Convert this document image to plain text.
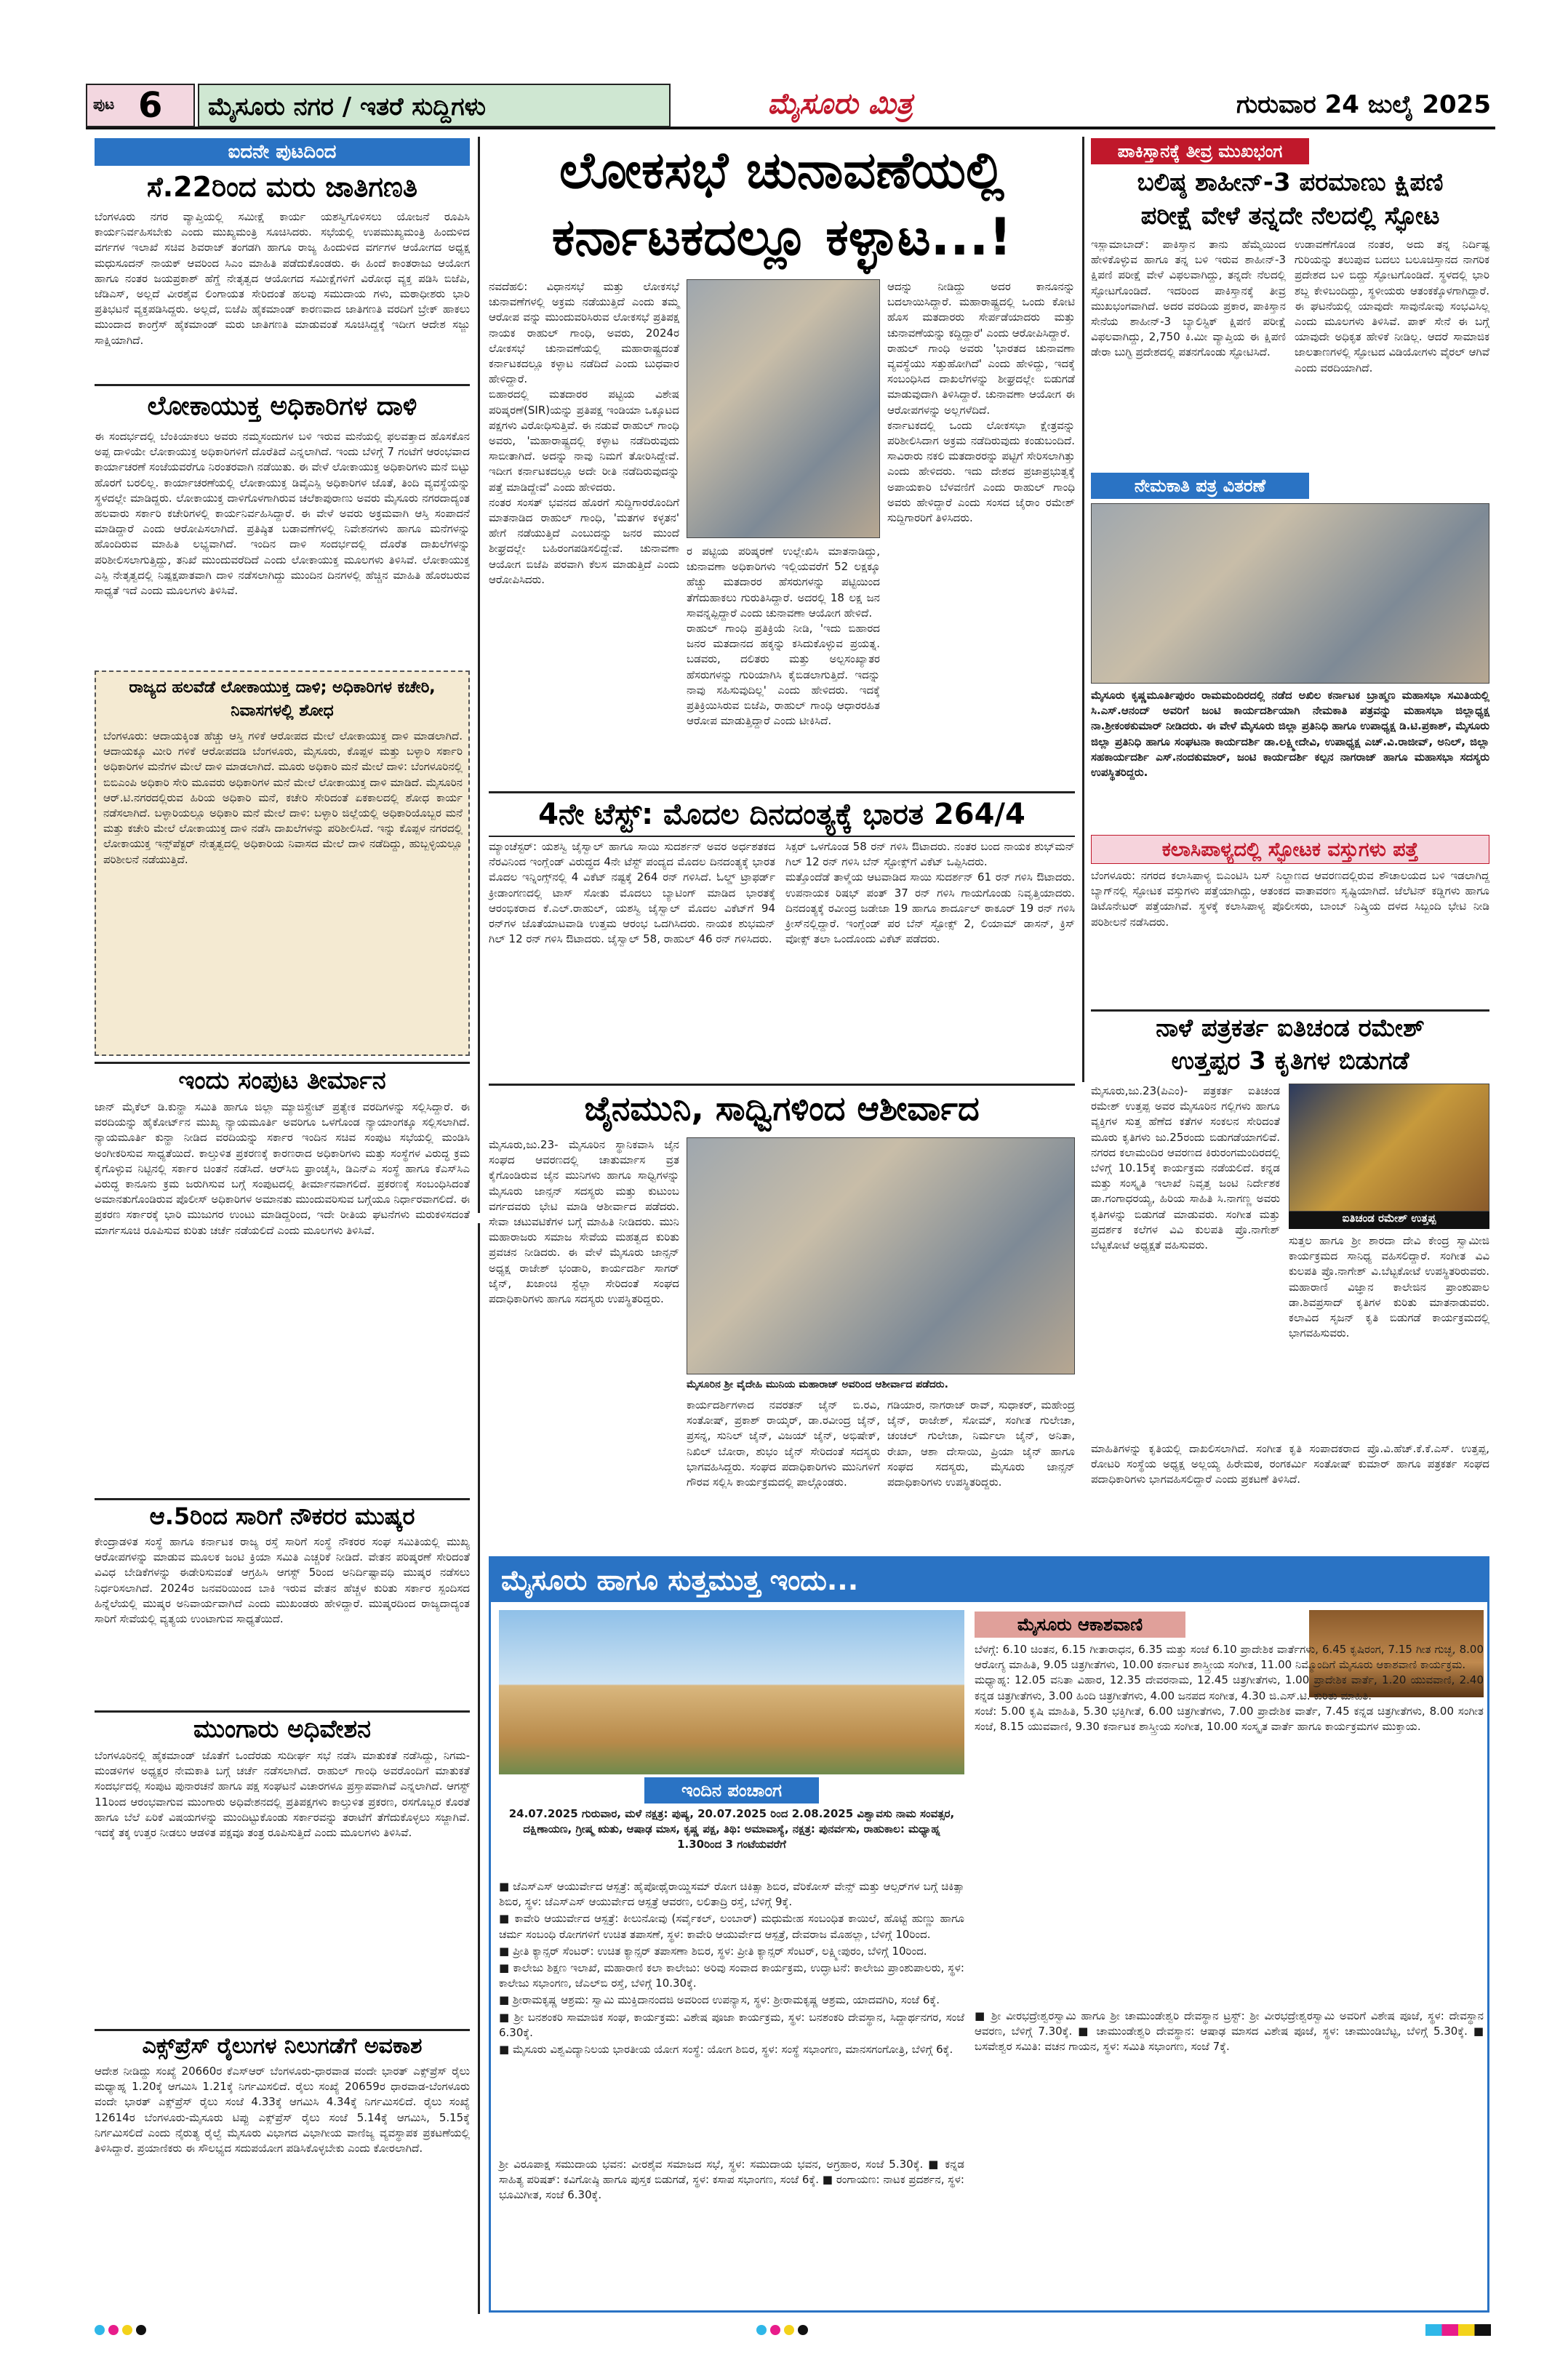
ಪುಟ 6 ಮೈಸೂರು ನಗರ / ಇತರೆ ಸುದ್ದಿಗಳು	ಮೈಸೂರು ಮಿತ್ರ	ಗುರುವಾರ 24 ಜುಲೈ 2025
ಐದನೇ ಪುಟದಿಂದ
ಸೆ.22ರಿಂದ ಮರು ಜಾತಿಗಣತಿ
ಬೆಂಗಳೂರು ನಗರ ವ್ಯಾಪ್ತಿಯಲ್ಲಿ ಸಮೀಕ್ಷೆ ಕಾರ್ಯ ಯಶಸ್ವಿಗೊಳಿಸಲು ಯೋಜನೆ ರೂಪಿಸಿ ಕಾರ್ಯನಿರ್ವಹಿಸಬೇಕು ಎಂದು ಮುಖ್ಯಮಂತ್ರಿ ಸೂಚಿಸಿದರು. ಸಭೆಯಲ್ಲಿ ಉಪಮುಖ್ಯಮಂತ್ರಿ ಹಿಂದುಳಿದ ವರ್ಗಗಳ ಇಲಾಖೆ ಸಚಿವ ಶಿವರಾಜ್ ತಂಗಡಗಿ ಹಾಗೂ ರಾಜ್ಯ ಹಿಂದುಳಿದ ವರ್ಗಗಳ ಆಯೋಗದ ಅಧ್ಯಕ್ಷ ಮಧುಸೂದನ್ ನಾಯಕ್ ಆವರಿಂದ ಸಿಎಂ ಮಾಹಿತಿ ಪಡೆದುಕೊಂಡರು. ಈ ಹಿಂದೆ ಕಾಂತರಾಜು ಆಯೋಗ ಹಾಗೂ ನಂತರ ಜಯಪ್ರಕಾಶ್ ಹೆಗ್ಡೆ ನೇತೃತ್ವದ ಆಯೋಗದ ಸಮೀಕ್ಷೆಗಳಿಗೆ ವಿರೋಧ ವ್ಯಕ್ತ ಪಡಿಸಿ ಬಿಜೆಪಿ, ಜೆಡಿಎಸ್, ಅಲ್ಲದೆ ವೀರಶೈವ ಲಿಂಗಾಯತ ಸೇರಿದಂತೆ ಹಲವು ಸಮುದಾಯ ಗಳು, ಮಠಾಧೀಶರು ಭಾರಿ ಪ್ರತಿಭಟನೆ ವ್ಯಕ್ತಪಡಿಸಿದ್ದರು. ಅಲ್ಲದೆ, ಬಿಜೆಪಿ ಹೈಕಮಾಂಡ್ ಕಾರಣವಾದ ಜಾತಿಗಣತಿ ವರದಿಗೆ ಬ್ರೇಕ್ ಹಾಕಲು ಮುಂದಾದ ಕಾಂಗ್ರೆಸ್ ಹೈಕಮಾಂಡ್ ಮರು ಜಾತಿಗಣತಿ ಮಾಡುವಂತೆ ಸೂಚಿಸಿದ್ದಕ್ಕೆ ಇದೀಗ ಆದೇಶ ಸಜ್ಜು ಸಾಕ್ಷಿಯಾಗಿದೆ.
ಲೋಕಾಯುಕ್ತ ಅಧಿಕಾರಿಗಳ ದಾಳಿ
ಈ ಸಂದರ್ಭದಲ್ಲಿ ಬೆಂಕಿಯಾಕಲು ಅವರು ನಮ್ಮಸಂದುಗಳ ಬಳಿ ಇರುವ ಮನೆಯಲ್ಲಿ ಫಲವತ್ತಾದ ಹೊಸಕೊನ ಅಪ್ಪ ದಾಳಿಯೇ ಲೋಕಾಯುಕ್ತ ಅಧಿಕಾರಿಗಳಿಗೆ ದೊರೆತಿದೆ ಎನ್ನಲಾಗಿದೆ. ಇಂದು ಬೆಳಿಗ್ಗೆ 7 ಗಂಟೆಗೆ ಆರಂಭವಾದ ಕಾರ್ಯಾಚರಣೆ ಸಂಜೆಯವರೆಗೂ ನಿರಂತರವಾಗಿ ನಡೆಯಿತು. ಈ ವೇಳೆ ಲೋಕಾಯುಕ್ತ ಅಧಿಕಾರಿಗಳು ಮನೆ ಬಿಟ್ಟು ಹೊರಗೆ ಬರಲಿಲ್ಲ. ಕಾರ್ಯಾಚರಣೆಯಲ್ಲಿ ಲೋಕಾಯುಕ್ತ ಡಿವೈಎಸ್ಪಿ ಅಧಿಕಾರಿಗಳ ಜೊತೆ, ತಿಂದಿ ವ್ಯವಸ್ಥೆಯನ್ನು ಸ್ಥಳದಲ್ಲೇ ಮಾಡಿದ್ದರು. ಲೋಕಾಯುಕ್ತ ದಾಳಿಗೊಳಗಾಗಿರುವ ಚಲೆಕಾಪುರಾಣು ಅವರು ಮೈಸೂರು ನಗರದಾದ್ಯಂತ ಹಲವಾರು ಸರ್ಕಾರಿ ಕಚೇರಿಗಳಲ್ಲಿ ಕಾರ್ಯನಿರ್ವಹಿಸಿದ್ದಾರೆ. ಈ ವೇಳೆ ಅವರು ಅಕ್ರಮವಾಗಿ ಆಸ್ತಿ ಸಂಪಾದನೆ ಮಾಡಿದ್ದಾರೆ ಎಂದು ಆರೋಪಿಸಲಾಗಿದೆ. ಪ್ರತಿಷ್ಠಿತ ಬಡಾವಣೆಗಳಲ್ಲಿ ನಿವೇಶನಗಳು ಹಾಗೂ ಮನೆಗಳನ್ನು ಹೊಂದಿರುವ ಮಾಹಿತಿ ಲಭ್ಯವಾಗಿದೆ. ಇಂದಿನ ದಾಳಿ ಸಂದರ್ಭದಲ್ಲಿ ದೊರೆತ ದಾಖಲೆಗಳನ್ನು ಪರಿಶೀಲಿಸಲಾಗುತ್ತಿದ್ದು, ತನಿಖೆ ಮುಂದುವರೆದಿದೆ ಎಂದು ಲೋಕಾಯುಕ್ತ ಮೂಲಗಳು ತಿಳಿಸಿವೆ. ಲೋಕಾಯುಕ್ತ ಎಸ್ಪಿ ನೇತೃತ್ವದಲ್ಲಿ ನಿಷ್ಪಕ್ಷಪಾತವಾಗಿ ದಾಳಿ ನಡೆಸಲಾಗಿದ್ದು ಮುಂದಿನ ದಿನಗಳಲ್ಲಿ ಹೆಚ್ಚಿನ ಮಾಹಿತಿ ಹೊರಬರುವ ಸಾಧ್ಯತೆ ಇದೆ ಎಂದು ಮೂಲಗಳು ತಿಳಿಸಿವೆ.
ರಾಜ್ಯದ ಹಲವೆಡೆ ಲೋಕಾಯುಕ್ತ ದಾಳಿ; ಅಧಿಕಾರಿಗಳ ಕಚೇರಿ, ನಿವಾಸಗಳಲ್ಲಿ ಶೋಧ
ಬೆಂಗಳೂರು: ಆದಾಯಕ್ಕಿಂತ ಹೆಚ್ಚು ಆಸ್ತಿ ಗಳಿಕೆ ಆರೋಪದ ಮೇಲೆ ಲೋಕಾಯುಕ್ತ ದಾಳಿ ಮಾಡಲಾಗಿದೆ. ಆದಾಯಕ್ಕೂ ಮೀರಿ ಗಳಿಕೆ ಆರೋಪದಡಿ ಬೆಂಗಳೂರು, ಮೈಸೂರು, ಕೊಪ್ಪಳ ಮತ್ತು ಬಳ್ಳಾರಿ ಸರ್ಕಾರಿ ಅಧಿಕಾರಿಗಳ ಮನೆಗಳ ಮೇಲೆ ದಾಳಿ ಮಾಡಲಾಗಿದೆ. ಮೂರು ಅಧಿಕಾರಿ ಮನೆ ಮೇಲೆ ದಾಳಿ: ಬೆಂಗಳೂರಿನಲ್ಲಿ ಬಿಬಿಎಂಪಿ ಅಧಿಕಾರಿ ಸೇರಿ ಮೂವರು ಅಧಿಕಾರಿಗಳ ಮನೆ ಮೇಲೆ ಲೋಕಾಯುಕ್ತ ದಾಳಿ ಮಾಡಿದೆ. ಮೈಸೂರಿನ ಆರ್.ಟಿ.ನಗರದಲ್ಲಿರುವ ಹಿರಿಯ ಅಧಿಕಾರಿ ಮನೆ, ಕಚೇರಿ ಸೇರಿದಂತೆ ಏಕಕಾಲದಲ್ಲಿ ಶೋಧ ಕಾರ್ಯ ನಡೆಸಲಾಗಿದೆ. ಬಳ್ಳಾರಿಯಲ್ಲೂ ಅಧಿಕಾರಿ ಮನೆ ಮೇಲೆ ದಾಳಿ: ಬಳ್ಳಾರಿ ಜಿಲ್ಲೆಯಲ್ಲಿ ಅಧಿಕಾರಿಯೊಬ್ಬರ ಮನೆ ಮತ್ತು ಕಚೇರಿ ಮೇಲೆ ಲೋಕಾಯುಕ್ತ ದಾಳಿ ನಡೆಸಿ ದಾಖಲೆಗಳನ್ನು ಪರಿಶೀಲಿಸಿದೆ. ಇನ್ನು ಕೊಪ್ಪಳ ನಗರದಲ್ಲಿ ಲೋಕಾಯುಕ್ತ ಇನ್ಸ್‌ಪೆಕ್ಟರ್ ನೇತೃತ್ವದಲ್ಲಿ ಅಧಿಕಾರಿಯ ನಿವಾಸದ ಮೇಲೆ ದಾಳಿ ನಡೆದಿದ್ದು, ಹುಬ್ಬಳ್ಳಿಯಲ್ಲೂ ಪರಿಶೀಲನೆ ನಡೆಯುತ್ತಿದೆ.
ಇಂದು ಸಂಪುಟ ತೀರ್ಮಾನ
ಜಾನ್ ಮೈಕೆಲ್ ಡಿ.ಕುನ್ಹಾ ಸಮಿತಿ ಹಾಗೂ ಜಿಲ್ಲಾ ಮ್ಯಾಜಿಸ್ಟ್ರೇಟ್ ಪ್ರತ್ಯೇಕ ವರದಿಗಳನ್ನು ಸಲ್ಲಿಸಿದ್ದಾರೆ. ಈ ವರದಿಯನ್ನು ಹೈಕೋರ್ಟ್‌ನ ಮುಖ್ಯ ನ್ಯಾಯಮೂರ್ತಿ ಅವರಿಗೂ ಒಳಗೊಂಡ ನ್ಯಾಯಾಂಗಕ್ಕೂ ಸಲ್ಲಿಸಲಾಗಿದೆ. ನ್ಯಾಯಮೂರ್ತಿ ಕುನ್ಹಾ ನೀಡಿದ ವರದಿಯನ್ನು ಸರ್ಕಾರ ಇಂದಿನ ಸಚಿವ ಸಂಪುಟ ಸಭೆಯಲ್ಲಿ ಮಂಡಿಸಿ ಅಂಗೀಕರಿಸುವ ಸಾಧ್ಯತೆಯಿದೆ. ಕಾಲ್ತುಳಿತ ಪ್ರಕರಣಕ್ಕೆ ಕಾರಣರಾದ ಅಧಿಕಾರಿಗಳು ಮತ್ತು ಸಂಸ್ಥೆಗಳ ವಿರುದ್ಧ ಕ್ರಮ ಕೈಗೊಳ್ಳುವ ನಿಟ್ಟಿನಲ್ಲಿ ಸರ್ಕಾರ ಚಿಂತನೆ ನಡೆಸಿದೆ. ಆರ್‌ಸಿಬಿ ಫ್ರಾಂಚೈಸಿ, ಡಿಎನ್‌ಎ ಸಂಸ್ಥೆ ಹಾಗೂ ಕೆಎಸ್‌ಸಿಎ ವಿರುದ್ಧ ಕಾನೂನು ಕ್ರಮ ಜರುಗಿಸುವ ಬಗ್ಗೆ ಸಂಪುಟದಲ್ಲಿ ತೀರ್ಮಾನವಾಗಲಿದೆ. ಪ್ರಕರಣಕ್ಕೆ ಸಂಬಂಧಿಸಿದಂತೆ ಅಮಾನತುಗೊಂಡಿರುವ ಪೊಲೀಸ್ ಅಧಿಕಾರಿಗಳ ಅಮಾನತು ಮುಂದುವರಿಸುವ ಬಗ್ಗೆಯೂ ನಿರ್ಧಾರವಾಗಲಿದೆ. ಈ ಪ್ರಕರಣ ಸರ್ಕಾರಕ್ಕೆ ಭಾರಿ ಮುಜುಗರ ಉಂಟು ಮಾಡಿದ್ದರಿಂದ, ಇದೇ ರೀತಿಯ ಘಟನೆಗಳು ಮರುಕಳಿಸದಂತೆ ಮಾರ್ಗಸೂಚಿ ರೂಪಿಸುವ ಕುರಿತು ಚರ್ಚೆ ನಡೆಯಲಿದೆ ಎಂದು ಮೂಲಗಳು ತಿಳಿಸಿವೆ.
ಆ.5ರಿಂದ ಸಾರಿಗೆ ನೌಕರರ ಮುಷ್ಕರ
ಕೇಂದ್ರಾಡಳಿತ ಸಂಸ್ಥೆ ಹಾಗೂ ಕರ್ನಾಟಕ ರಾಜ್ಯ ರಸ್ತೆ ಸಾರಿಗೆ ಸಂಸ್ಥೆ ನೌಕರರ ಸಂಘ ಸಮಿತಿಯಲ್ಲಿ ಮುಖ್ಯ ಆರೋಪಗಳನ್ನು ಮಾಡುವ ಮೂಲಕ ಜಂಟಿ ಕ್ರಿಯಾ ಸಮಿತಿ ಎಚ್ಚರಿಕೆ ನೀಡಿದೆ. ವೇತನ ಪರಿಷ್ಕರಣೆ ಸೇರಿದಂತೆ ವಿವಿಧ ಬೇಡಿಕೆಗಳನ್ನು ಈಡೇರಿಸುವಂತೆ ಆಗ್ರಹಿಸಿ ಆಗಸ್ಟ್ 5ರಿಂದ ಅನಿರ್ದಿಷ್ಟಾವಧಿ ಮುಷ್ಕರ ನಡೆಸಲು ನಿರ್ಧರಿಸಲಾಗಿದೆ. 2024ರ ಜನವರಿಯಿಂದ ಬಾಕಿ ಇರುವ ವೇತನ ಹೆಚ್ಚಳ ಕುರಿತು ಸರ್ಕಾರ ಸ್ಪಂದಿಸದ ಹಿನ್ನೆಲೆಯಲ್ಲಿ ಮುಷ್ಕರ ಅನಿವಾರ್ಯವಾಗಿದೆ ಎಂದು ಮುಖಂಡರು ಹೇಳಿದ್ದಾರೆ. ಮುಷ್ಕರದಿಂದ ರಾಜ್ಯದಾದ್ಯಂತ ಸಾರಿಗೆ ಸೇವೆಯಲ್ಲಿ ವ್ಯತ್ಯಯ ಉಂಟಾಗುವ ಸಾಧ್ಯತೆಯಿದೆ.
ಮುಂಗಾರು ಅಧಿವೇಶನ
ಬೆಂಗಳೂರಿನಲ್ಲಿ ಹೈಕಮಾಂಡ್ ಜೊತೆಗೆ ಒಂದೆರಡು ಸುದೀರ್ಘ ಸಭೆ ನಡೆಸಿ ಮಾತುಕತೆ ನಡೆಸಿದ್ದು, ನಿಗಮ-ಮಂಡಳಿಗಳ ಅಧ್ಯಕ್ಷರ ನೇಮಕಾತಿ ಬಗ್ಗೆ ಚರ್ಚೆ ನಡೆಸಲಾಗಿದೆ. ರಾಹುಲ್ ಗಾಂಧಿ ಅವರೊಂದಿಗೆ ಮಾತುಕತೆ ಸಂದರ್ಭದಲ್ಲಿ ಸಂಪುಟ ಪುನಾರಚನೆ ಹಾಗೂ ಪಕ್ಷ ಸಂಘಟನೆ ವಿಚಾರಗಳೂ ಪ್ರಸ್ತಾಪವಾಗಿವೆ ಎನ್ನಲಾಗಿದೆ. ಆಗಸ್ಟ್ 11ರಿಂದ ಆರಂಭವಾಗುವ ಮುಂಗಾರು ಅಧಿವೇಶನದಲ್ಲಿ ಪ್ರತಿಪಕ್ಷಗಳು ಕಾಲ್ತುಳಿತ ಪ್ರಕರಣ, ರಸಗೊಬ್ಬರ ಕೊರತೆ ಹಾಗೂ ಬೆಲೆ ಏರಿಕೆ ವಿಷಯಗಳನ್ನು ಮುಂದಿಟ್ಟುಕೊಂಡು ಸರ್ಕಾರವನ್ನು ತರಾಟೆಗೆ ತೆಗೆದುಕೊಳ್ಳಲು ಸಜ್ಜಾಗಿವೆ. ಇದಕ್ಕೆ ತಕ್ಕ ಉತ್ತರ ನೀಡಲು ಆಡಳಿತ ಪಕ್ಷವೂ ತಂತ್ರ ರೂಪಿಸುತ್ತಿದೆ ಎಂದು ಮೂಲಗಳು ತಿಳಿಸಿವೆ.
ಎಕ್ಸ್‌ಪ್ರೆಸ್ ರೈಲುಗಳ ನಿಲುಗಡೆಗೆ ಅವಕಾಶ
ಆದೇಶ ನೀಡಿದ್ದು ಸಂಖ್ಯೆ 20660ರ ಕೆಎಸ್‌ಆರ್ ಬೆಂಗಳೂರು-ಧಾರವಾಡ ವಂದೇ ಭಾರತ್ ಎಕ್ಸ್‌ಪ್ರೆಸ್ ರೈಲು ಮಧ್ಯಾಹ್ನ 1.20ಕ್ಕೆ ಆಗಮಿಸಿ 1.21ಕ್ಕೆ ನಿರ್ಗಮಿಸಲಿದೆ. ರೈಲು ಸಂಖ್ಯೆ 20659ರ ಧಾರವಾಡ-ಬೆಂಗಳೂರು ವಂದೇ ಭಾರತ್ ಎಕ್ಸ್‌ಪ್ರೆಸ್ ರೈಲು ಸಂಜೆ 4.33ಕ್ಕೆ ಆಗಮಿಸಿ 4.34ಕ್ಕೆ ನಿರ್ಗಮಿಸಲಿದೆ. ರೈಲು ಸಂಖ್ಯೆ 12614ರ ಬೆಂಗಳೂರು-ಮೈಸೂರು ಟಿಪ್ಪು ಎಕ್ಸ್‌ಪ್ರೆಸ್ ರೈಲು ಸಂಜೆ 5.14ಕ್ಕೆ ಆಗಮಿಸಿ, 5.15ಕ್ಕೆ ನಿರ್ಗಮಿಸಲಿದೆ ಎಂದು ನೈರುತ್ಯ ರೈಲ್ವೆ ಮೈಸೂರು ವಿಭಾಗದ ವಿಭಾಗೀಯ ವಾಣಿಜ್ಯ ವ್ಯವಸ್ಥಾಪಕ ಪ್ರಕಟಣೆಯಲ್ಲಿ ತಿಳಿಸಿದ್ದಾರೆ. ಪ್ರಯಾಣಿಕರು ಈ ಸೌಲಭ್ಯದ ಸದುಪಯೋಗ ಪಡಿಸಿಕೊಳ್ಳಬೇಕು ಎಂದು ಕೋರಲಾಗಿದೆ.
ಲೋಕಸಭೆ ಚುನಾವಣೆಯಲ್ಲಿ
ಕರ್ನಾಟಕದಲ್ಲೂ ಕಳ್ಳಾಟ...!
ನವದೆಹಲಿ: ವಿಧಾನಸಭೆ ಮತ್ತು ಲೋಕಸಭೆ ಚುನಾವಣೆಗಳಲ್ಲಿ ಅಕ್ರಮ ನಡೆಯುತ್ತಿದೆ ಎಂದು ತಮ್ಮ ಆರೋಪ ವನ್ನು ಮುಂದುವರಿಸಿರುವ ಲೋಕಸಭೆ ಪ್ರತಿಪಕ್ಷ ನಾಯಕ ರಾಹುಲ್ ಗಾಂಧಿ, ಅವರು, 2024ರ ಲೋಕಸಭೆ ಚುನಾವಣೆಯಲ್ಲಿ ಮಹಾರಾಷ್ಟ್ರದಂತೆ ಕರ್ನಾಟಕದಲ್ಲೂ ಕಳ್ಳಾಟ ನಡೆದಿದೆ ಎಂದು ಬುಧವಾರ ಹೇಳಿದ್ದಾರೆ.
ಬಿಹಾರದಲ್ಲಿ ಮತದಾರರ ಪಟ್ಟಿಯ ವಿಶೇಷ ಪರಿಷ್ಕರಣೆ(SIR)ಯನ್ನು ಪ್ರತಿಪಕ್ಷ ಇಂಡಿಯಾ ಒಕ್ಕೂಟದ ಪಕ್ಷಗಳು ವಿರೋಧಿಸುತ್ತಿವೆ. ಈ ನಡುವೆ ರಾಹುಲ್ ಗಾಂಧಿ ಅವರು, 'ಮಹಾರಾಷ್ಟ್ರದಲ್ಲಿ ಕಳ್ಳಾಟ ನಡೆದಿರುವುದು ಸಾಬೀತಾಗಿದೆ. ಅದನ್ನು ನಾವು ನಿಮಗೆ ತೋರಿಸಿದ್ದೇವೆ. ಇದೀಗ ಕರ್ನಾಟಕದಲ್ಲೂ ಅದೇ ರೀತಿ ನಡೆದಿರುವುದನ್ನು ಪತ್ತೆ ಮಾಡಿದ್ದೇವೆ' ಎಂದು ಹೇಳಿದರು.
ನಂತರ ಸಂಸತ್ ಭವನದ ಹೊರಗೆ ಸುದ್ದಿಗಾರರೊಂದಿಗೆ ಮಾತನಾಡಿದ ರಾಹುಲ್ ಗಾಂಧಿ, 'ಮತಗಳ ಕಳ್ಳತನ' ಹೇಗೆ ನಡೆಯುತ್ತಿದೆ ಎಂಬುದನ್ನು ಜನರ ಮುಂದೆ ಶೀಘ್ರದಲ್ಲೇ ಬಹಿರಂಗಪಡಿಸಲಿದ್ದೇವೆ. ಚುನಾವಣಾ ಆಯೋಗ ಬಿಜೆಪಿ ಪರವಾಗಿ ಕೆಲಸ ಮಾಡುತ್ತಿದೆ ಎಂದು ಆರೋಪಿಸಿದರು.
ರ ಪಟ್ಟಿಯ ಪರಿಷ್ಕರಣೆ ಉಲ್ಲೇಖಿಸಿ ಮಾತನಾಡಿದ್ದು, ಚುನಾವಣಾ ಅಧಿಕಾರಿಗಳು ಇಲ್ಲಿಯವರೆಗೆ 52 ಲಕ್ಷಕ್ಕೂ ಹೆಚ್ಚು ಮತದಾರರ ಹೆಸರುಗಳನ್ನು ಪಟ್ಟಿಯಿಂದ ತೆಗೆದುಹಾಕಲು ಗುರುತಿಸಿದ್ದಾರೆ. ಅದರಲ್ಲಿ 18 ಲಕ್ಷ ಜನ ಸಾವನ್ನಪ್ಪಿದ್ದಾರೆ ಎಂದು ಚುನಾವಣಾ ಆಯೋಗ ಹೇಳಿದೆ.
ರಾಹುಲ್ ಗಾಂಧಿ ಪ್ರತಿಕ್ರಿಯೆ ನೀಡಿ, 'ಇದು ಬಿಹಾರದ ಜನರ ಮತದಾನದ ಹಕ್ಕನ್ನು ಕಸಿದುಕೊಳ್ಳುವ ಪ್ರಯತ್ನ. ಬಡವರು, ದಲಿತರು ಮತ್ತು ಅಲ್ಪಸಂಖ್ಯಾತರ ಹೆಸರುಗಳನ್ನು ಗುರಿಯಾಗಿಸಿ ಕೈಬಿಡಲಾಗುತ್ತಿದೆ. ಇದನ್ನು ನಾವು ಸಹಿಸುವುದಿಲ್ಲ' ಎಂದು ಹೇಳಿದರು. ಇದಕ್ಕೆ ಪ್ರತಿಕ್ರಿಯಿಸಿರುವ ಬಿಜೆಪಿ, ರಾಹುಲ್ ಗಾಂಧಿ ಆಧಾರರಹಿತ ಆರೋಪ ಮಾಡುತ್ತಿದ್ದಾರೆ ಎಂದು ಟೀಕಿಸಿದೆ.
ಆದನ್ನು ನೀಡಿದ್ದು ಅದರ ಕಾನೂನನ್ನು ಬದಲಾಯಿಸಿದ್ದಾರೆ. ಮಹಾರಾಷ್ಟ್ರದಲ್ಲಿ ಒಂದು ಕೋಟಿ ಹೊಸ ಮತದಾರರು ಸೇರ್ಪಡೆಯಾದರು ಮತ್ತು ಚುನಾವಣೆಯನ್ನು ಕದ್ದಿದ್ದಾರೆ' ಎಂದು ಆರೋಪಿಸಿದ್ದಾರೆ.
ರಾಹುಲ್ ಗಾಂಧಿ ಅವರು 'ಭಾರತದ ಚುನಾವಣಾ ವ್ಯವಸ್ಥೆಯು ಸತ್ತುಹೋಗಿದೆ' ಎಂದು ಹೇಳಿದ್ದು, ಇದಕ್ಕೆ ಸಂಬಂಧಿಸಿದ ದಾಖಲೆಗಳನ್ನು ಶೀಘ್ರದಲ್ಲೇ ಬಿಡುಗಡೆ ಮಾಡುವುದಾಗಿ ತಿಳಿಸಿದ್ದಾರೆ. ಚುನಾವಣಾ ಆಯೋಗ ಈ ಆರೋಪಗಳನ್ನು ಅಲ್ಲಗಳೆದಿದೆ.
ಕರ್ನಾಟಕದಲ್ಲಿ ಒಂದು ಲೋಕಸಭಾ ಕ್ಷೇತ್ರವನ್ನು ಪರಿಶೀಲಿಸಿದಾಗ ಅಕ್ರಮ ನಡೆದಿರುವುದು ಕಂಡುಬಂದಿದೆ. ಸಾವಿರಾರು ನಕಲಿ ಮತದಾರರನ್ನು ಪಟ್ಟಿಗೆ ಸೇರಿಸಲಾಗಿತ್ತು ಎಂದು ಹೇಳಿದರು. ಇದು ದೇಶದ ಪ್ರಜಾಪ್ರಭುತ್ವಕ್ಕೆ ಅಪಾಯಕಾರಿ ಬೆಳವಣಿಗೆ ಎಂದು ರಾಹುಲ್ ಗಾಂಧಿ ಅವರು ಹೇಳಿದ್ದಾರೆ ಎಂದು ಸಂಸದ ಜೈರಾಂ ರಮೇಶ್ ಸುದ್ದಿಗಾರರಿಗೆ ತಿಳಿಸಿದರು.
4ನೇ ಟೆಸ್ಟ್: ಮೊದಲ ದಿನದಂತ್ಯಕ್ಕೆ ಭಾರತ 264/4
ಮ್ಯಾಂಚೆಸ್ಟರ್: ಯಶಸ್ವಿ ಜೈಸ್ವಾಲ್ ಹಾಗೂ ಸಾಯಿ ಸುದರ್ಶನ್ ಅವರ ಅರ್ಧಶತಕದ ನೆರವಿನಿಂದ ಇಂಗ್ಲೆಂಡ್ ವಿರುದ್ಧದ 4ನೇ ಟೆಸ್ಟ್ ಪಂದ್ಯದ ಮೊದಲ ದಿನದಂತ್ಯಕ್ಕೆ ಭಾರತ ಮೊದಲ ಇನ್ನಿಂಗ್ಸ್‌ನಲ್ಲಿ 4 ವಿಕೆಟ್ ನಷ್ಟಕ್ಕೆ 264 ರನ್ ಗಳಿಸಿದೆ. ಓಲ್ಡ್ ಟ್ರಾಫರ್ಡ್ ಕ್ರೀಡಾಂಗಣದಲ್ಲಿ ಟಾಸ್ ಸೋತು ಮೊದಲು ಬ್ಯಾಟಿಂಗ್ ಮಾಡಿದ ಭಾರತಕ್ಕೆ ಆರಂಭಿಕರಾದ ಕೆ.ಎಲ್.ರಾಹುಲ್, ಯಶಸ್ವಿ ಜೈಸ್ವಾಲ್ ಮೊದಲ ವಿಕೆಟ್‌ಗೆ 94 ರನ್‌ಗಳ ಜೊತೆಯಾಟವಾಡಿ ಉತ್ತಮ ಆರಂಭ ಒದಗಿಸಿದರು. ನಾಯಕ ಶುಭಮನ್ ಗಿಲ್ 12 ರನ್ ಗಳಿಸಿ ಔಟಾದರು. ಜೈಸ್ವಾಲ್ 58, ರಾಹುಲ್ 46 ರನ್ ಗಳಿಸಿದರು.
ಸಿಕ್ಸರ್ ಒಳಗೊಂಡ 58 ರನ್ ಗಳಿಸಿ ಔಟಾದರು. ನಂತರ ಬಂದ ನಾಯಕ ಶುಭ್‌ಮನ್ ಗಿಲ್ 12 ರನ್ ಗಳಿಸಿ ಬೆನ್ ಸ್ಟೋಕ್ಸ್‌ಗೆ ವಿಕೆಟ್ ಒಪ್ಪಿಸಿದರು.
ಮತ್ತೊಂದೆಡೆ ತಾಳ್ಮೆಯ ಆಟವಾಡಿದ ಸಾಯಿ ಸುದರ್ಶನ್ 61 ರನ್ ಗಳಿಸಿ ಔಟಾದರು. ಉಪನಾಯಕ ರಿಷಭ್ ಪಂತ್ 37 ರನ್ ಗಳಿಸಿ ಗಾಯಗೊಂಡು ನಿವೃತ್ತಿಯಾದರು. ದಿನದಂತ್ಯಕ್ಕೆ ರವೀಂದ್ರ ಜಡೇಜಾ 19 ಹಾಗೂ ಶಾರ್ದೂಲ್ ಠಾಕೂರ್ 19 ರನ್ ಗಳಿಸಿ ಕ್ರೀಸ್‌ನಲ್ಲಿದ್ದಾರೆ. ಇಂಗ್ಲೆಂಡ್ ಪರ ಬೆನ್ ಸ್ಟೋಕ್ಸ್ 2, ಲಿಯಾಮ್ ಡಾಸನ್, ಕ್ರಿಸ್ ವೋಕ್ಸ್ ತಲಾ ಒಂದೊಂದು ವಿಕೆಟ್ ಪಡೆದರು.
ಜೈನಮುನಿ, ಸಾಧ್ವಿಗಳಿಂದ ಆಶೀರ್ವಾದ
ಮೈಸೂರು,ಜು.23- ಮೈಸೂರಿನ ಸ್ಥಾನಿಕವಾಸಿ ಜೈನ ಸಂಘದ ಆವರಣದಲ್ಲಿ ಚಾತುರ್ಮಾಸ ವ್ರತ ಕೈಗೊಂಡಿರುವ ಜೈನ ಮುನಿಗಳು ಹಾಗೂ ಸಾಧ್ವಿಗಳನ್ನು ಮೈಸೂರು ಜಾನ್ಸನ್ ಸದಸ್ಯರು ಮತ್ತು ಕುಟುಂಬ ವರ್ಗದವರು ಭೇಟಿ ಮಾಡಿ ಆಶೀರ್ವಾದ ಪಡೆದರು. ಸೇವಾ ಚಟುವಟಿಕೆಗಳ ಬಗ್ಗೆ ಮಾಹಿತಿ ನೀಡಿದರು. ಮುನಿ ಮಹಾರಾಜರು ಸಮಾಜ ಸೇವೆಯ ಮಹತ್ವದ ಕುರಿತು ಪ್ರವಚನ ನೀಡಿದರು. ಈ ವೇಳೆ ಮೈಸೂರು ಜಾನ್ಸನ್ ಅಧ್ಯಕ್ಷ ರಾಜೇಶ್ ಭಂಡಾರಿ, ಕಾರ್ಯದರ್ಶಿ ಸಾಗರ್ ಜೈನ್, ಖಜಾಂಚಿ ಸ್ಟೆಲ್ಲಾ ಸೇರಿದಂತೆ ಸಂಘದ ಪದಾಧಿಕಾರಿಗಳು ಹಾಗೂ ಸದಸ್ಯರು ಉಪಸ್ಥಿತರಿದ್ದರು.
ಮೈಸೂರಿನ ಶ್ರೀ ವೈದೇಹಿ ಮುನಿಯ ಮಹಾರಾಜ್ ಅವರಿಂದ ಆಶೀರ್ವಾದ ಪಡೆದರು.
ಕಾರ್ಯದರ್ಶಿಗಳಾದ ನವರತನ್ ಜೈನ್ ಬಿ.ರವಿ, ಸಂತೋಷ್, ಪ್ರಕಾಶ್ ರಾಯ್ಕರ್, ಡಾ.ರವೀಂದ್ರ ಜೈನ್, ಪ್ರಸನ್ನ, ಸುನಿಲ್ ಜೈನ್, ವಿಜಯ್ ಜೈನ್, ಅಭಿಷೇಕ್, ನಿಖಿಲ್ ಬೋರಾ, ಶುಭಂ ಜೈನ್ ಸೇರಿದಂತೆ ಸದಸ್ಯರು ಭಾಗವಹಿಸಿದ್ದರು. ಸಂಘದ ಪದಾಧಿಕಾರಿಗಳು ಮುನಿಗಳಿಗೆ ಗೌರವ ಸಲ್ಲಿಸಿ ಕಾರ್ಯಕ್ರಮದಲ್ಲಿ ಪಾಲ್ಗೊಂಡರು.
ಗಡಿಯಾರ, ನಾಗರಾಜ್ ರಾವ್, ಸುಧಾಕರ್, ಮಹೇಂದ್ರ ಜೈನ್, ರಾಜೇಶ್, ಸೋಮ್, ಸಂಗೀತ ಗುಲೇಚಾ, ಚಂಚಲ್ ಗುಲೇಚಾ, ನಿರ್ಮಲಾ ಜೈನ್, ಅನಿತಾ, ರೇಖಾ, ಆಶಾ ದೇಸಾಯಿ, ಪ್ರಿಯಾ ಜೈನ್ ಹಾಗೂ ಸಂಘದ ಸದಸ್ಯರು, ಮೈಸೂರು ಜಾನ್ಸನ್ ಪದಾಧಿಕಾರಿಗಳು ಉಪಸ್ಥಿತರಿದ್ದರು.
ಪಾಕಿಸ್ತಾನಕ್ಕೆ ತೀವ್ರ ಮುಖಭಂಗ
ಬಲಿಷ್ಠ ಶಾಹೀನ್-3 ಪರಮಾಣು ಕ್ಷಿಪಣಿ
ಪರೀಕ್ಷೆ ವೇಳೆ ತನ್ನದೇ ನೆಲದಲ್ಲಿ ಸ್ಫೋಟ
ಇಸ್ಲಾಮಾಬಾದ್: ಪಾಕಿಸ್ತಾನ ತಾನು ಹೆಮ್ಮೆಯಿಂದ ಹೇಳಿಕೊಳ್ಳುವ ಹಾಗೂ ತನ್ನ ಬಳಿ ಇರುವ ಶಾಹೀನ್-3 ಕ್ಷಿಪಣಿ ಪರೀಕ್ಷೆ ವೇಳೆ ವಿಫಲವಾಗಿದ್ದು, ತನ್ನದೇ ನೆಲದಲ್ಲಿ ಸ್ಫೋಟಗೊಂಡಿದೆ. ಇದರಿಂದ ಪಾಕಿಸ್ತಾನಕ್ಕೆ ತೀವ್ರ ಮುಖಭಂಗವಾಗಿದೆ. ಅದರ ವರದಿಯ ಪ್ರಕಾರ, ಪಾಕಿಸ್ತಾನ ಸೇನೆಯ ಶಾಹೀನ್-3 ಬ್ಯಾಲಿಸ್ಟಿಕ್ ಕ್ಷಿಪಣಿ ಪರೀಕ್ಷೆ ವಿಫಲವಾಗಿದ್ದು, 2,750 ಕಿ.ಮೀ ವ್ಯಾಪ್ತಿಯ ಈ ಕ್ಷಿಪಣಿ ಡೇರಾ ಬುಗ್ಟಿ ಪ್ರದೇಶದಲ್ಲಿ ಪತನಗೊಂಡು ಸ್ಫೋಟಿಸಿದೆ.
ಉಡಾವಣೆಗೊಂಡ ನಂತರ, ಅದು ತನ್ನ ನಿರ್ದಿಷ್ಟ ಗುರಿಯನ್ನು ತಲುಪುವ ಬದಲು ಬಲೂಚಿಸ್ತಾನದ ನಾಗರಿಕ ಪ್ರದೇಶದ ಬಳಿ ಬಿದ್ದು ಸ್ಫೋಟಗೊಂಡಿದೆ. ಸ್ಥಳದಲ್ಲಿ ಭಾರಿ ಶಬ್ದ ಕೇಳಿಬಂದಿದ್ದು, ಸ್ಥಳೀಯರು ಆತಂಕಕ್ಕೊಳಗಾಗಿದ್ದಾರೆ. ಈ ಘಟನೆಯಲ್ಲಿ ಯಾವುದೇ ಸಾವುನೋವು ಸಂಭವಿಸಿಲ್ಲ ಎಂದು ಮೂಲಗಳು ತಿಳಿಸಿವೆ. ಪಾಕ್ ಸೇನೆ ಈ ಬಗ್ಗೆ ಯಾವುದೇ ಅಧಿಕೃತ ಹೇಳಿಕೆ ನೀಡಿಲ್ಲ. ಆದರೆ ಸಾಮಾಜಿಕ ಜಾಲತಾಣಗಳಲ್ಲಿ ಸ್ಫೋಟದ ವಿಡಿಯೋಗಳು ವೈರಲ್ ಆಗಿವೆ ಎಂದು ವರದಿಯಾಗಿದೆ.
ನೇಮಕಾತಿ ಪತ್ರ ವಿತರಣೆ
ಮೈಸೂರು ಕೃಷ್ಣಮೂರ್ತಿಪುರಂ ರಾಮಮಂದಿರದಲ್ಲಿ ನಡೆದ ಅಖಿಲ ಕರ್ನಾಟಕ ಬ್ರಾಹ್ಮಣ ಮಹಾಸಭಾ ಸಮಿತಿಯಲ್ಲಿ ಸಿ.ಎಸ್.ಆನಂದ್ ಅವರಿಗೆ ಜಂಟಿ ಕಾರ್ಯದರ್ಶಿಯಾಗಿ ನೇಮಕಾತಿ ಪತ್ರವನ್ನು ಮಹಾಸಭಾ ಜಿಲ್ಲಾಧ್ಯಕ್ಷ ನಾ.ಶ್ರೀಕಂಠಕುಮಾರ್ ನೀಡಿದರು. ಈ ವೇಳೆ ಮೈಸೂರು ಜಿಲ್ಲಾ ಪ್ರತಿನಿಧಿ ಹಾಗೂ ಉಪಾಧ್ಯಕ್ಷ ಡಿ.ಟಿ.ಪ್ರಕಾಶ್, ಮೈಸೂರು ಜಿಲ್ಲಾ ಪ್ರತಿನಿಧಿ ಹಾಗೂ ಸಂಘಟನಾ ಕಾರ್ಯದರ್ಶಿ ಡಾ.ಲಕ್ಷ್ಮೀದೇವಿ, ಉಪಾಧ್ಯಕ್ಷ ಎಚ್.ವಿ.ರಾಜೀವ್, ಅನಿಲ್, ಜಿಲ್ಲಾ ಸಹಕಾರ್ಯದರ್ಶಿ ಎಸ್.ನಂದಕುಮಾರ್, ಜಂಟಿ ಕಾರ್ಯದರ್ಶಿ ಕಲ್ಪನ ನಾಗರಾಜ್ ಹಾಗೂ ಮಹಾಸಭಾ ಸದಸ್ಯರು ಉಪಸ್ಥಿತರಿದ್ದರು.
ಕಲಾಸಿಪಾಳ್ಯದಲ್ಲಿ ಸ್ಫೋಟಕ ವಸ್ತುಗಳು ಪತ್ತೆ
ಬೆಂಗಳೂರು: ನಗರದ ಕಲಾಸಿಪಾಳ್ಯ ಬಿಎಂಟಿಸಿ ಬಸ್ ನಿಲ್ದಾಣದ ಆವರಣದಲ್ಲಿರುವ ಶೌಚಾಲಯದ ಬಳಿ ಇಡಲಾಗಿದ್ದ ಬ್ಯಾಗ್‌ನಲ್ಲಿ ಸ್ಫೋಟಕ ವಸ್ತುಗಳು ಪತ್ತೆಯಾಗಿದ್ದು, ಆತಂಕದ ವಾತಾವರಣ ಸೃಷ್ಟಿಯಾಗಿದೆ. ಜೆಲೆಟಿನ್ ಕಡ್ಡಿಗಳು ಹಾಗೂ ಡಿಟೊನೇಟರ್ ಪತ್ತೆಯಾಗಿವೆ. ಸ್ಥಳಕ್ಕೆ ಕಲಾಸಿಪಾಳ್ಯ ಪೊಲೀಸರು, ಬಾಂಬ್ ನಿಷ್ಕ್ರಿಯ ದಳದ ಸಿಬ್ಬಂದಿ ಭೇಟಿ ನೀಡಿ ಪರಿಶೀಲನೆ ನಡೆಸಿದರು.
ನಾಳೆ ಪತ್ರಕರ್ತ ಐತಿಚಂಡ ರಮೇಶ್
ಉತ್ತಪ್ಪರ 3 ಕೃತಿಗಳ ಬಿಡುಗಡೆ
ಮೈಸೂರು,ಜು.23(ಪಿಎಂ)- ಪತ್ರಕರ್ತ ಐತಿಚಂಡ ರಮೇಶ್ ಉತ್ತಪ್ಪ ಅವರ ಮೈಸೂರಿನ ಗಲ್ಲಿಗಳು ಹಾಗೂ ವ್ಯಕ್ತಿಗಳ ಸುತ್ತ ಹೆಣೆದ ಕತೆಗಳ ಸಂಕಲನ ಸೇರಿದಂತೆ ಮೂರು ಕೃತಿಗಳು ಜು.25ರಂದು ಬಿಡುಗಡೆಯಾಗಲಿವೆ. ನಗರದ ಕಲಾಮಂದಿರ ಆವರಣದ ಕಿರುರಂಗಮಂದಿರದಲ್ಲಿ ಬೆಳಿಗ್ಗೆ 10.15ಕ್ಕೆ ಕಾರ್ಯಕ್ರಮ ನಡೆಯಲಿದೆ. ಕನ್ನಡ ಮತ್ತು ಸಂಸ್ಕೃತಿ ಇಲಾಖೆ ನಿವೃತ್ತ ಜಂಟಿ ನಿರ್ದೇಶಕ ಡಾ.ಗಂಗಾಧರಯ್ಯ, ಹಿರಿಯ ಸಾಹಿತಿ ಸಿ.ನಾಗಣ್ಣ ಅವರು ಕೃತಿಗಳನ್ನು ಬಿಡುಗಡೆ ಮಾಡುವರು. ಸಂಗೀತ ಮತ್ತು ಪ್ರದರ್ಶಕ ಕಲೆಗಳ ವಿವಿ ಕುಲಪತಿ ಪ್ರೊ.ನಾಗೇಶ್ ಬೆಟ್ಟಕೋಟೆ ಅಧ್ಯಕ್ಷತೆ ವಹಿಸುವರು.
ಐತಿಚಂಡ ರಮೇಶ್ ಉತ್ತಪ್ಪ
ಸುತ್ತಲ ಹಾಗೂ ಶ್ರೀ ಶಾರದಾ ದೇವಿ ಕೇಂದ್ರ ಸ್ವಾಮೀಜಿ ಕಾರ್ಯಕ್ರಮದ ಸಾನಿಧ್ಯ ವಹಿಸಲಿದ್ದಾರೆ. ಸಂಗೀತ ವಿವಿ ಕುಲಪತಿ ಪ್ರೊ.ನಾಗೇಶ್ ವಿ.ಬೆಟ್ಟಕೋಟೆ ಉಪಸ್ಥಿತರಿರುವರು. ಮಹಾರಾಣಿ ವಿಜ್ಞಾನ ಕಾಲೇಜಿನ ಪ್ರಾಂಶುಪಾಲ ಡಾ.ಶಿವಪ್ರಸಾದ್ ಕೃತಿಗಳ ಕುರಿತು ಮಾತನಾಡುವರು. ಕಲಾವಿದ ಸೃಜನ್ ಕೃತಿ ಬಿಡುಗಡೆ ಕಾರ್ಯಕ್ರಮದಲ್ಲಿ ಭಾಗವಹಿಸುವರು.
ಮಾಹಿತಿಗಳನ್ನು ಕೃತಿಯಲ್ಲಿ ದಾಖಲಿಸಲಾಗಿದೆ. ಸಂಗೀತ ಕೃತಿ ಸಂಪಾದಕರಾದ ಪ್ರೊ.ವಿ.ಹೆಚ್.ಕೆ.ಕೆ.ಎಸ್. ಉತ್ತಪ್ಪ, ರೋಟರಿ ಸಂಸ್ಥೆಯ ಅಧ್ಯಕ್ಷ ಅಲ್ಲಯ್ಯ ಹಿರೇಮಠ, ರಂಗಕರ್ಮಿ ಸಂತೋಷ್ ಕುಮಾರ್ ಹಾಗೂ ಪತ್ರಕರ್ತ ಸಂಘದ ಪದಾಧಿಕಾರಿಗಳು ಭಾಗವಹಿಸಲಿದ್ದಾರೆ ಎಂದು ಪ್ರಕಟಣೆ ತಿಳಿಸಿದೆ.
ಮೈಸೂರು ಹಾಗೂ ಸುತ್ತಮುತ್ತ ಇಂದು...
ಇಂದಿನ ಪಂಚಾಂಗ
24.07.2025 ಗುರುವಾರ, ಮಳೆ ನಕ್ಷತ್ರ: ಪುಷ್ಯ, 20.07.2025 ರಿಂದ 2.08.2025 ವಿಶ್ವಾವಸು ನಾಮ ಸಂವತ್ಸರ, ದಕ್ಷಿಣಾಯಣ, ಗ್ರೀಷ್ಮ ಋತು, ಆಷಾಢ ಮಾಸ, ಕೃಷ್ಣ ಪಕ್ಷ, ತಿಥಿ: ಅಮಾವಾಸ್ಯೆ, ನಕ್ಷತ್ರ: ಪುನರ್ವಸು, ರಾಹುಕಾಲ: ಮಧ್ಯಾಹ್ನ 1.30ರಿಂದ 3 ಗಂಟೆಯವರೆಗೆ
■ ಜೆಎಸ್‌ಎಸ್ ಆಯುರ್ವೇದ ಆಸ್ಪತ್ರೆ: ಹೈಪೋಥೈರಾಯ್ಡಿಸಮ್ ರೋಗ ಚಿಕಿತ್ಸಾ ಶಿಬಿರ, ವೆರಿಕೋಸ್ ವೇನ್ಸ್ ಮತ್ತು ಆಲ್ಸರ್‌ಗಳ ಬಗ್ಗೆ ಚಿಕಿತ್ಸಾ ಶಿಬಿರ, ಸ್ಥಳ: ಜೆಎಸ್‌ಎಸ್ ಆಯುರ್ವೇದ ಆಸ್ಪತ್ರೆ ಆವರಣ, ಲಲಿತಾದ್ರಿ ರಸ್ತೆ, ಬೆಳಿಗ್ಗೆ 9ಕ್ಕೆ.
■ ಕಾವೇರಿ ಆಯುರ್ವೇದ ಆಸ್ಪತ್ರೆ: ಕೀಲುನೋವು (ಸರ್ವೈಕಲ್, ಲಂಬಾರ್) ಮಧುಮೇಹ ಸಂಬಂಧಿತ ಕಾಯಿಲೆ, ಹೊಟ್ಟೆ ಹುಣ್ಣು ಹಾಗೂ ಚರ್ಮ ಸಂಬಂಧಿ ರೋಗಗಳಿಗೆ ಉಚಿತ ತಪಾಸಣೆ, ಸ್ಥಳ: ಕಾವೇರಿ ಆಯುರ್ವೇದ ಆಸ್ಪತ್ರೆ, ದೇವರಾಜ ಮೊಹಲ್ಲಾ, ಬೆಳಿಗ್ಗೆ 10ರಿಂದ.
■ ಪ್ರೀತಿ ಕ್ಯಾನ್ಸರ್ ಸೆಂಟರ್: ಉಚಿತ ಕ್ಯಾನ್ಸರ್ ತಪಾಸಣಾ ಶಿಬಿರ, ಸ್ಥಳ: ಪ್ರೀತಿ ಕ್ಯಾನ್ಸರ್ ಸೆಂಟರ್, ಲಕ್ಷ್ಮೀಪುರಂ, ಬೆಳಿಗ್ಗೆ 10ರಿಂದ.
■ ಕಾಲೇಜು ಶಿಕ್ಷಣ ಇಲಾಖೆ, ಮಹಾರಾಣಿ ಕಲಾ ಕಾಲೇಜು: ಅರಿವು ಸಂವಾದ ಕಾರ್ಯಕ್ರಮ, ಉದ್ಘಾಟನೆ: ಕಾಲೇಜು ಪ್ರಾಂಶುಪಾಲರು, ಸ್ಥಳ: ಕಾಲೇಜು ಸಭಾಂಗಣ, ಜೆಎಲ್‌ಬಿ ರಸ್ತೆ, ಬೆಳಿಗ್ಗೆ 10.30ಕ್ಕೆ.
■ ಶ್ರೀರಾಮಕೃಷ್ಣ ಆಶ್ರಮ: ಸ್ವಾಮಿ ಮುಕ್ತಿದಾನಂದಜಿ ಅವರಿಂದ ಉಪನ್ಯಾಸ, ಸ್ಥಳ: ಶ್ರೀರಾಮಕೃಷ್ಣ ಆಶ್ರಮ, ಯಾದವಗಿರಿ, ಸಂಜೆ 6ಕ್ಕೆ.
■ ಶ್ರೀ ಬನಶಂಕರಿ ಸಾಮಾಜಿಕ ಸಂಘ, ಕಾರ್ಯಕ್ರಮ: ವಿಶೇಷ ಪೂಜಾ ಕಾರ್ಯಕ್ರಮ, ಸ್ಥಳ: ಬನಶಂಕರಿ ದೇವಸ್ಥಾನ, ಸಿದ್ದಾರ್ಥನಗರ, ಸಂಜೆ 6.30ಕ್ಕೆ.
■ ಮೈಸೂರು ವಿಶ್ವವಿದ್ಯಾನಿಲಯ ಭಾರತೀಯ ಯೋಗ ಸಂಸ್ಥೆ: ಯೋಗ ಶಿಬಿರ, ಸ್ಥಳ: ಸಂಸ್ಥೆ ಸಭಾಂಗಣ, ಮಾನಸಗಂಗೋತ್ರಿ, ಬೆಳಿಗ್ಗೆ 6ಕ್ಕೆ.
ಶ್ರೀ ವಿರೂಪಾಕ್ಷ ಸಮುದಾಯ ಭವನ: ವೀರಶೈವ ಸಮಾಜದ ಸಭೆ, ಸ್ಥಳ: ಸಮುದಾಯ ಭವನ, ಅಗ್ರಹಾರ, ಸಂಜೆ 5.30ಕ್ಕೆ. ■ ಕನ್ನಡ ಸಾಹಿತ್ಯ ಪರಿಷತ್: ಕವಿಗೋಷ್ಠಿ ಹಾಗೂ ಪುಸ್ತಕ ಬಿಡುಗಡೆ, ಸ್ಥಳ: ಕಸಾಪ ಸಭಾಂಗಣ, ಸಂಜೆ 6ಕ್ಕೆ. ■ ರಂಗಾಯಣ: ನಾಟಕ ಪ್ರದರ್ಶನ, ಸ್ಥಳ: ಭೂಮಿಗೀತ, ಸಂಜೆ 6.30ಕ್ಕೆ.
ಮೈಸೂರು ಆಕಾಶವಾಣಿ
ಬೆಳಗ್ಗೆ: 6.10 ಚಿಂತನ, 6.15 ಗೀತಾರಾಧನ, 6.35 ಮತ್ತು ಸಂಜೆ 6.10 ಪ್ರಾದೇಶಿಕ ವಾರ್ತೆಗಳು, 6.45 ಕೃಷಿರಂಗ, 7.15 ಗೀತ ಗುಚ್ಛ, 8.00 ಆರೋಗ್ಯ ಮಾಹಿತಿ, 9.05 ಚಿತ್ರಗೀತೆಗಳು, 10.00 ಕರ್ನಾಟಕ ಶಾಸ್ತ್ರೀಯ ಸಂಗೀತ, 11.00 ನಿಮ್ಮೊಂದಿಗೆ ಮೈಸೂರು ಆಕಾಶವಾಣಿ ಕಾರ್ಯಕ್ರಮ.
ಮಧ್ಯಾಹ್ನ: 12.05 ವನಿತಾ ವಿಹಾರ, 12.35 ದೇವರನಾಮ, 12.45 ಚಿತ್ರಗೀತೆಗಳು, 1.00 ಪ್ರಾದೇಶಿಕ ವಾರ್ತೆ, 1.20 ಯುವವಾಣಿ, 2.40 ಕನ್ನಡ ಚಿತ್ರಗೀತೆಗಳು, 3.00 ಹಿಂದಿ ಚಿತ್ರಗೀತೆಗಳು, 4.00 ಜನಪದ ಸಂಗೀತ, 4.30 ಜಿ.ಎಸ್.ಟಿ. ಕುರಿತು ಮಾಹಿತಿ.
ಸಂಜೆ: 5.00 ಕೃಷಿ ಮಾಹಿತಿ, 5.30 ಭಕ್ತಿಗೀತೆ, 6.00 ಚಿತ್ರಗೀತೆಗಳು, 7.00 ಪ್ರಾದೇಶಿಕ ವಾರ್ತೆ, 7.45 ಕನ್ನಡ ಚಿತ್ರಗೀತೆಗಳು, 8.00 ಸಂಗೀತ ಸಂಜೆ, 8.15 ಯುವವಾಣಿ, 9.30 ಕರ್ನಾಟಕ ಶಾಸ್ತ್ರೀಯ ಸಂಗೀತ, 10.00 ಸಂಸ್ಕೃತ ವಾರ್ತೆ ಹಾಗೂ ಕಾರ್ಯಕ್ರಮಗಳ ಮುಕ್ತಾಯ.
■ ಶ್ರೀ ವೀರಭದ್ರೇಶ್ವರಸ್ವಾಮಿ ಹಾಗೂ ಶ್ರೀ ಚಾಮುಂಡೇಶ್ವರಿ ದೇವಸ್ಥಾನ ಟ್ರಸ್ಟ್: ಶ್ರೀ ವೀರಭದ್ರೇಶ್ವರಸ್ವಾಮಿ ಅವರಿಗೆ ವಿಶೇಷ ಪೂಜೆ, ಸ್ಥಳ: ದೇವಸ್ಥಾನ ಆವರಣ, ಬೆಳಿಗ್ಗೆ 7.30ಕ್ಕೆ. ■ ಚಾಮುಂಡೇಶ್ವರಿ ದೇವಸ್ಥಾನ: ಆಷಾಢ ಮಾಸದ ವಿಶೇಷ ಪೂಜೆ, ಸ್ಥಳ: ಚಾಮುಂಡಿಬೆಟ್ಟ, ಬೆಳಿಗ್ಗೆ 5.30ಕ್ಕೆ. ■ ಬಸವೇಶ್ವರ ಸಮಿತಿ: ವಚನ ಗಾಯನ, ಸ್ಥಳ: ಸಮಿತಿ ಸಭಾಂಗಣ, ಸಂಜೆ 7ಕ್ಕೆ.
